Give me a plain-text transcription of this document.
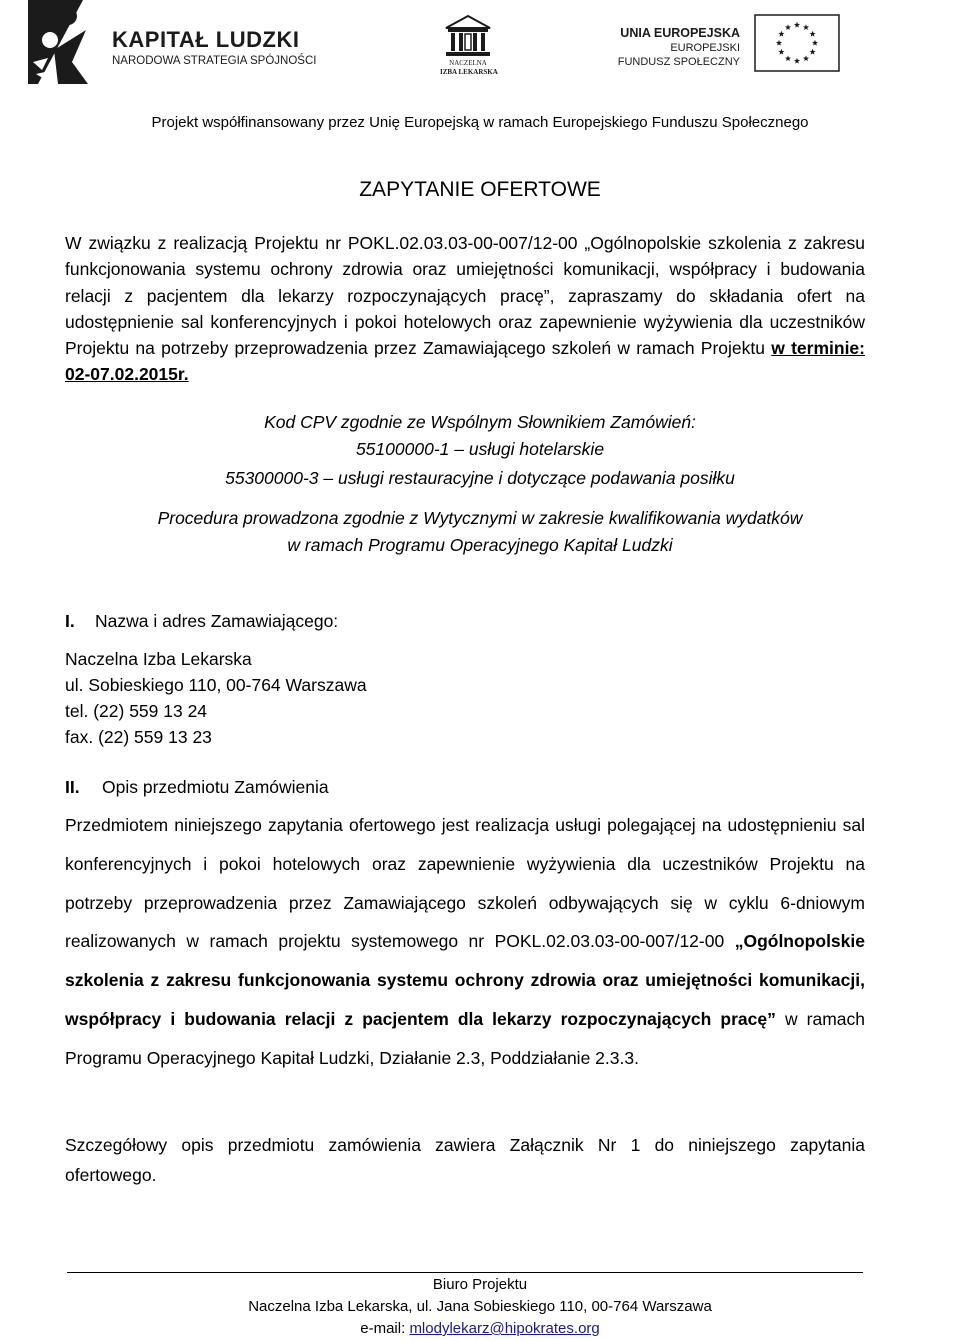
KAPITAŁ LUDZKI
NARODOWA STRATEGIA SPÓJNOŚCI	NACZELNA
IZBA LEKARSKA
UNIA EUROPEJSKA
EUROPEJSKI
FUNDUSZ SPOŁECZNY
Projekt współfinansowany przez Unię Europejską w ramach Europejskiego Funduszu Społecznego
ZAPYTANIE OFERTOWE
W związku z realizacją Projektu nr POKL.02.03.03-00-007/12-00 „Ogólnopolskie szkolenia z zakresu funkcjonowania systemu ochrony zdrowia oraz umiejętności komunikacji, współpracy i budowania relacji z pacjentem dla lekarzy rozpoczynających pracę”, zapraszamy do składania ofert na udostępnienie sal konferencyjnych i pokoi hotelowych oraz zapewnienie wyżywienia dla uczestników Projektu na potrzeby przeprowadzenia przez Zamawiającego szkoleń w ramach Projektu w terminie: 02-07.02.2015r.
Kod CPV zgodnie ze Wspólnym Słownikiem Zamówień:
55100000-1 – usługi hotelarskie
55300000-3 – usługi restauracyjne i dotyczące podawania posiłku
Procedura prowadzona zgodnie z Wytycznymi w zakresie kwalifikowania wydatków
w ramach Programu Operacyjnego Kapitał Ludzki
I. Nazwa i adres Zamawiającego:
Naczelna Izba Lekarska
ul. Sobieskiego 110, 00-764 Warszawa
tel. (22) 559 13 24
fax. (22) 559 13 23
II. Opis przedmiotu Zamówienia
Przedmiotem niniejszego zapytania ofertowego jest realizacja usługi polegającej na udostępnieniu sal konferencyjnych i pokoi hotelowych oraz zapewnienie wyżywienia dla uczestników Projektu na potrzeby przeprowadzenia przez Zamawiającego szkoleń odbywających się w cyklu 6-dniowym realizowanych w ramach projektu systemowego nr POKL.02.03.03-00-007/12-00 „Ogólnopolskie szkolenia z zakresu funkcjonowania systemu ochrony zdrowia oraz umiejętności komunikacji, współpracy i budowania relacji z pacjentem dla lekarzy rozpoczynających pracę” w ramach Programu Operacyjnego Kapitał Ludzki, Działanie 2.3, Poddziałanie 2.3.3.
Szczegółowy opis przedmiotu zamówienia zawiera Załącznik Nr 1 do niniejszego zapytania ofertowego.
Biuro Projektu
Naczelna Izba Lekarska, ul. Jana Sobieskiego 110, 00-764 Warszawa
e-mail: mlodylekarz@hipokrates.org
